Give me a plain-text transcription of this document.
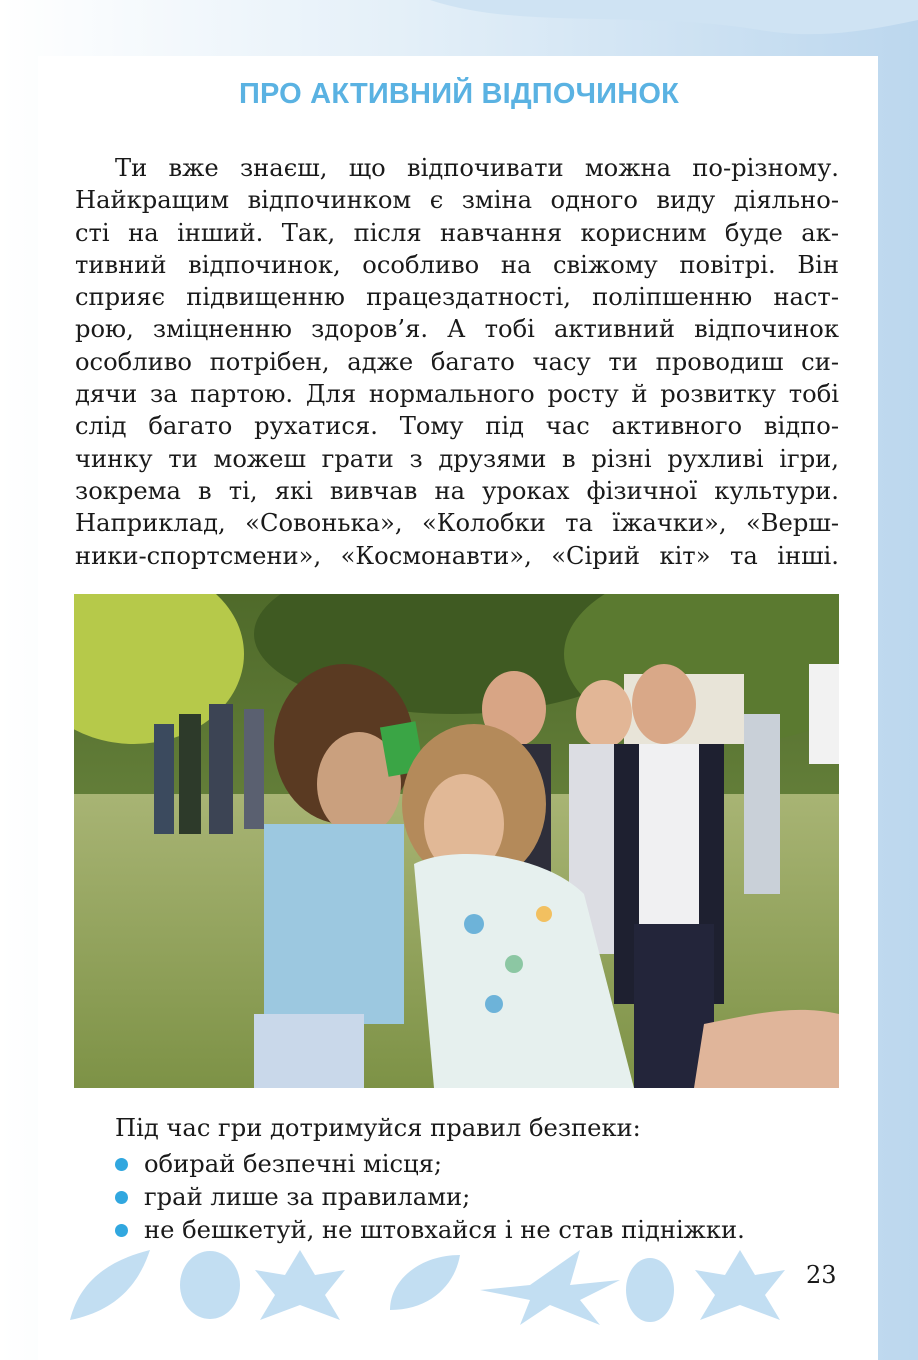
ПРО АКТИВНИЙ ВІДПОЧИНОК
Ти вже знаєш, що відпочивати можна по-різному.
Найкращим відпочинком є зміна одного виду діяльно-
сті на інший. Так, після навчання корисним буде ак-
тивний відпочинок, особливо на свіжому повітрі. Він
сприяє підвищенню працездатності, поліпшенню наст-
рою, зміцненню здоров’я. А тобі активний відпочинок
особливо потрібен, адже багато часу ти проводиш си-
дячи за партою. Для нормального росту й розвитку тобі
слід багато рухатися. Тому під час активного відпо-
чинку ти можеш грати з друзями в різні рухливі ігри,
зокрема в ті, які вивчав на уроках фізичної культури.
Наприклад, «Совонька», «Колобки та їжачки», «Верш-
ники-спортсмени», «Космонавти», «Сірий кіт» та інші.
Під час гри дотримуйся правил безпеки:
обирай безпечні місця;
грай лише за правилами;
не бешкетуй, не штовхайся і не став підніжки.
23
